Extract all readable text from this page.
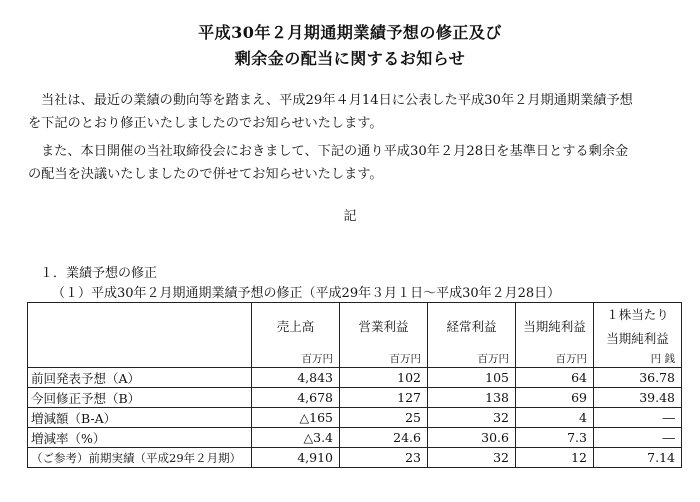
平成30年２月期通期業績予想の修正及び
剰余金の配当に関するお知らせ
当社は、最近の業績の動向等を踏まえ、平成29年４月14日に公表した平成30年２月期通期業績予想
を下記のとおり修正いたしましたのでお知らせいたします。
また、本日開催の当社取締役会におきまして、下記の通り平成30年２月28日を基準日とする剰余金
の配当を決議いたしましたので併せてお知らせいたします。
記
１．業績予想の修正
（１）平成30年２月期通期業績予想の修正（平成29年３月１日～平成30年２月28日）
	売上高	営業利益	経常利益	当期純利益	１株当たり
当期純利益

	百万円	百万円	百万円	百万円	円 銭
前回発表予想（A）	4,843	102	105	64	36.78
今回修正予想（B）	4,678	127	138	69	39.48
増減額（B-A）	△165	25	32	4	―
増減率（%）	△3.4	24.6	30.6	7.3	―
（ご参考）前期実績（平成29年２月期）	4,910	23	32	12	7.14
